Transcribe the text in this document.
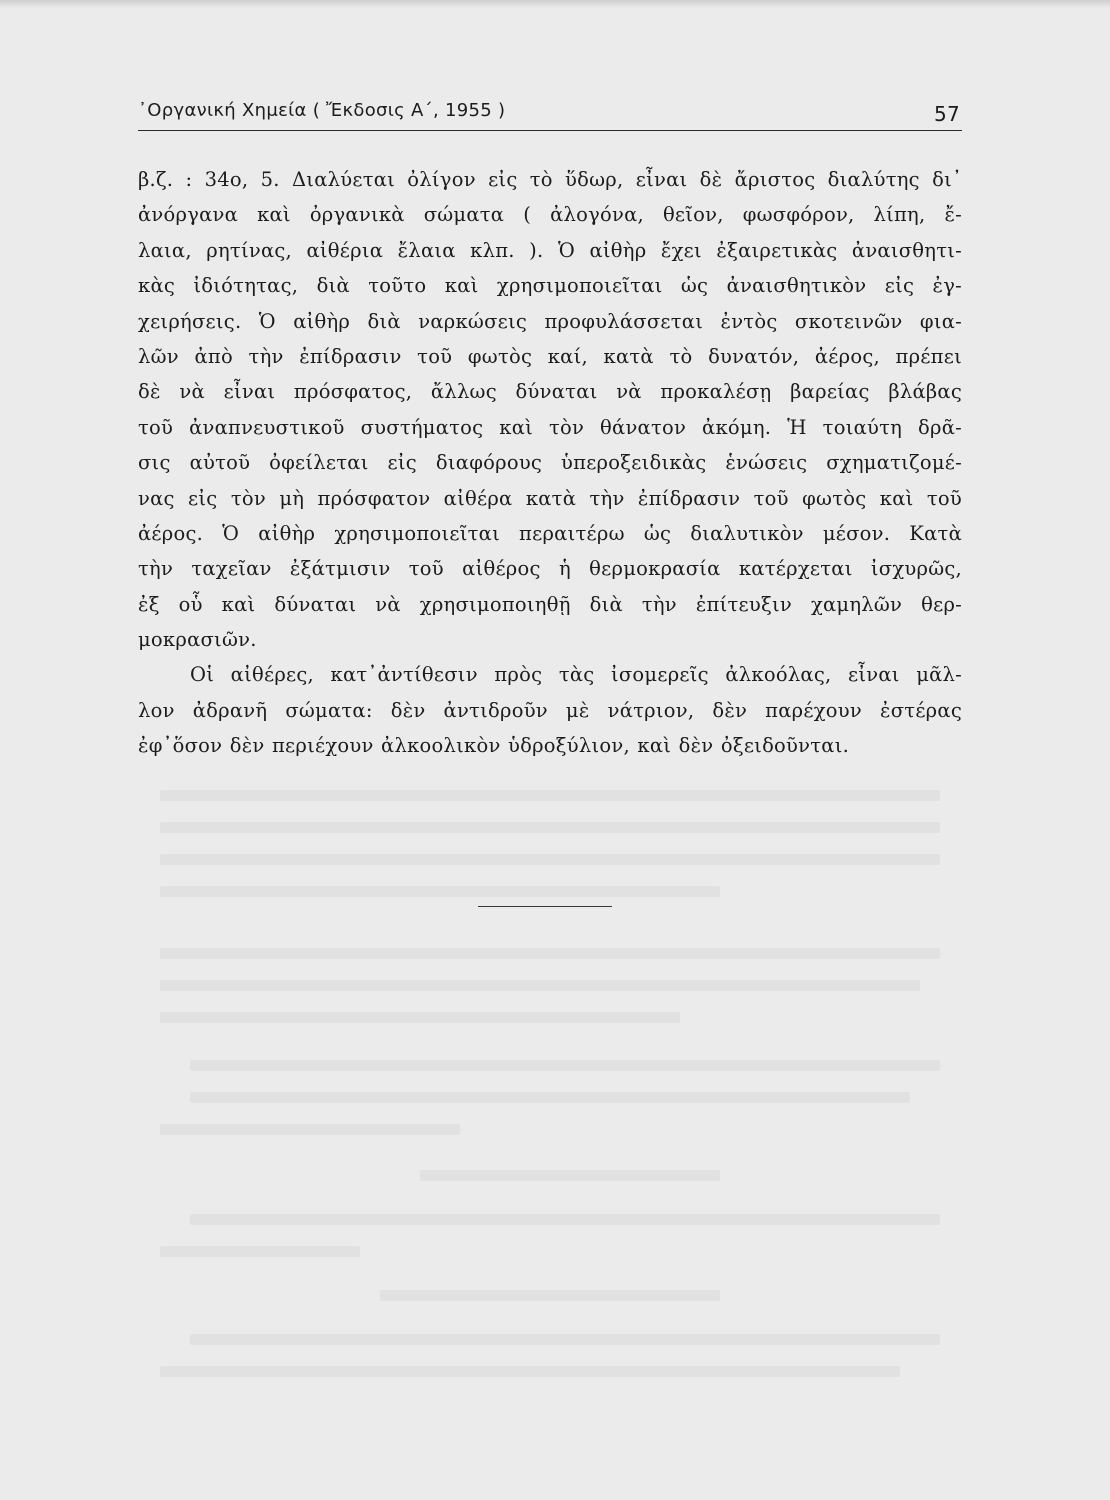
᾿Οργανική Χημεία ( Ἔκδοσις Α΄, 1955 )	57
β.ζ. : 34ο, 5. Διαλύεται ὀλίγον εἰς τὸ ὕδωρ, εἶναι δὲ ἄριστος διαλύτης δι᾿
ἀνόργανα καὶ ὀργανικὰ σώματα ( ἀλογόνα, θεῖον, φωσφόρον, λίπη, ἔ-
λαια, ρητίνας, αἰθέρια ἔλαια κλπ. ). Ὁ αἰθὴρ ἔχει ἐξαιρετικὰς ἀναισθητι-
κὰς ἰδιότητας, διὰ τοῦτο καὶ χρησιμοποιεῖται ὡς ἀναισθητικὸν εἰς ἐγ-
χειρήσεις. Ὁ αἰθὴρ διὰ ναρκώσεις προφυλάσσεται ἐντὸς σκοτεινῶν φια-
λῶν ἀπὸ τὴν ἐπίδρασιν τοῦ φωτὸς καί, κατὰ τὸ δυνατόν, ἀέρος, πρέπει
δὲ νὰ εἶναι πρόσφατος, ἄλλως δύναται νὰ προκαλέσῃ βαρείας βλάβας
τοῦ ἀναπνευστικοῦ συστήματος καὶ τὸν θάνατον ἀκόμη. Ἡ τοιαύτη δρᾶ-
σις αὐτοῦ ὀφείλεται εἰς διαφόρους ὑπεροξειδικὰς ἑνώσεις σχηματιζομέ-
νας εἰς τὸν μὴ πρόσφατον αἰθέρα κατὰ τὴν ἐπίδρασιν τοῦ φωτὸς καὶ τοῦ
ἀέρος. Ὁ αἰθὴρ χρησιμοποιεῖται περαιτέρω ὡς διαλυτικὸν μέσον. Κατὰ
τὴν ταχεῖαν ἐξάτμισιν τοῦ αἰθέρος ἡ θερμοκρασία κατέρχεται ἰσχυρῶς,
ἐξ οὗ καὶ δύναται νὰ χρησιμοποιηθῇ διὰ τὴν ἐπίτευξιν χαμηλῶν θερ-
μοκρασιῶν.
Οἱ αἰθέρες, κατ᾿ἀντίθεσιν πρὸς τὰς ἰσομερεῖς ἀλκοόλας, εἶναι μᾶλ-
λον ἀδρανῆ σώματα: δὲν ἀντιδροῦν μὲ νάτριον, δὲν παρέχουν ἐστέρας
ἐφ᾿ὅσον δὲν περιέχουν ἀλκοολικὸν ὑδροξύλιον, καὶ δὲν ὀξειδοῦνται.
